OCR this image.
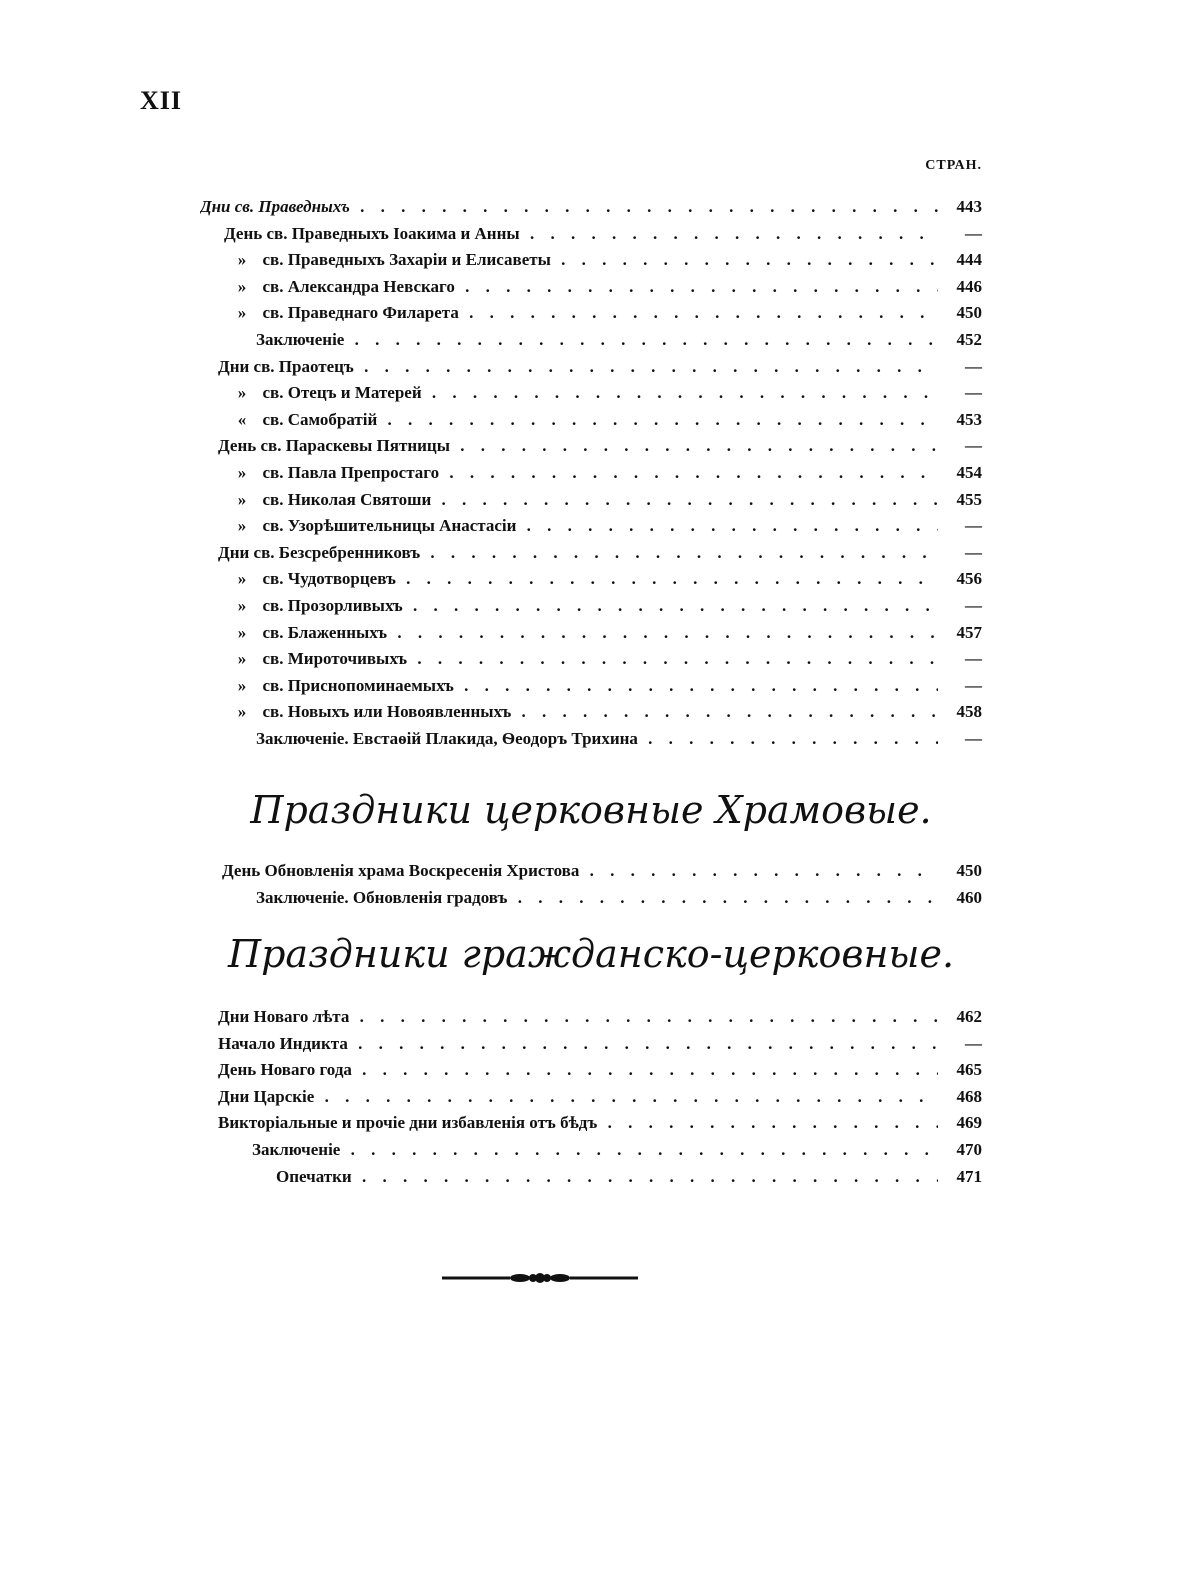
XII
СТРАН.
Дни св. Праведныхъ . . .	443
День св. Праведныхъ Іоакима и Анны . . .	—
» св. Праведныхъ Захаріи и Елисаветы . . .	444
» св. Александра Невскаго . . .	446
» св. Праведнаго Филарета . . .	450
Заключеніе . . .	452
Дни св. Праотецъ . . .	—
» св. Отецъ и Матерей . . .	—
« св. Самобратій . . .	453
День св. Параскевы Пятницы . . .	—
» св. Павла Препростаго . . .	454
» св. Николая Святоши . . .	455
» св. Узорѣшительницы Анастасіи . . .	—
Дни св. Безсребренниковъ . . .	—
» св. Чудотворцевъ . . .	456
» св. Прозорливыхъ . . .	—
» св. Блаженныхъ . . .	457
» св. Мироточивыхъ . . .	—
» св. Приснопоминаемыхъ . . .	—
» св. Новыхъ или Новоявленныхъ . . .	458
Заключеніе. Евстаѳій Плакида, Ѳеодоръ Трихина . . .	—
Праздники церковные Храмовые.
День Обновленія храма Воскресенія Христова . . .	450
Заключеніе. Обновленія градовъ . . .	460
Праздники гражданско-церковные.
Дни Новаго лѣта . . .	462
Начало Индикта . . .	—
День Новаго года . . .	465
Дни Царскіе . . .	468
Викторіальные и прочіе дни избавленія отъ бѣдъ . . .	469
Заключеніе . . .	470
Опечатки . . .	471
